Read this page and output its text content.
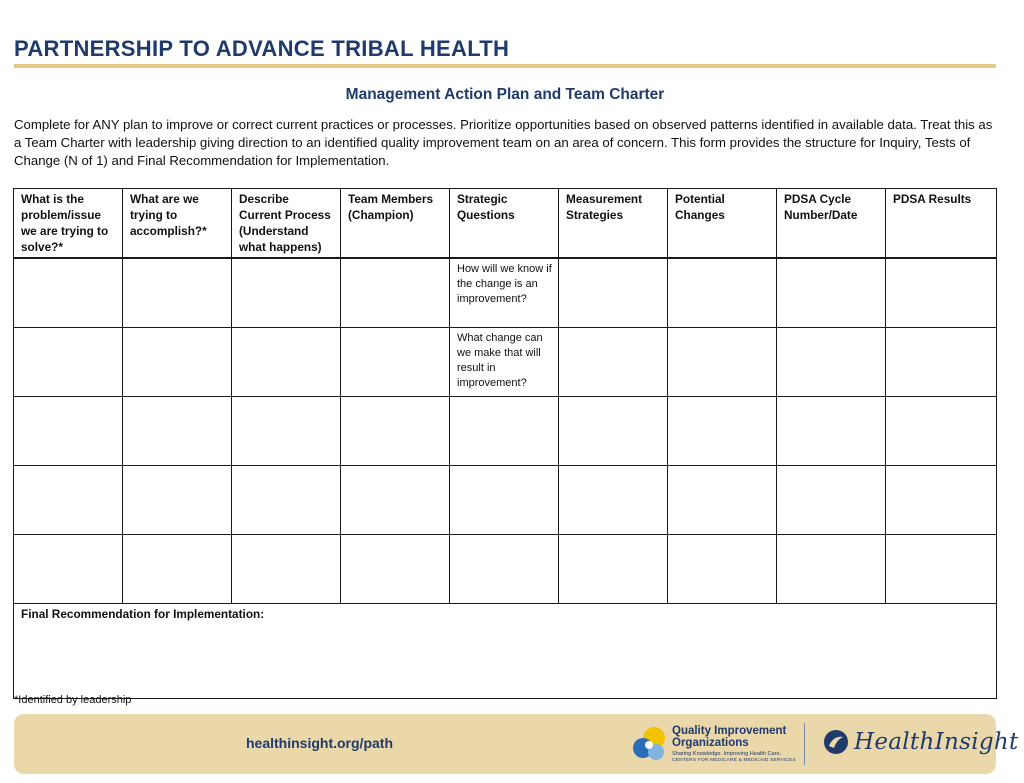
PARTNERSHIP TO ADVANCE TRIBAL HEALTH
Management Action Plan and Team Charter
Complete for ANY plan to improve or correct current practices or processes. Prioritize opportunities based on observed patterns identified in available data. Treat this as a Team Charter with leadership giving direction to an identified quality improvement team on an area of concern. This form provides the structure for Inquiry, Tests of Change (N of 1) and Final Recommendation for Implementation.
What is the problem/issue we are trying to solve?*	What are we trying to accomplish?*	Describe Current Process (Understand what happens)	Team Members (Champion)	Strategic Questions	Measurement Strategies	Potential Changes	PDSA Cycle Number/Date	PDSA Results

				How will we know if the change is an improvement?				

				What change can we make that will result in improvement?				

Final Recommendation for Implementation:								
*Identified by leadership
healthinsight.org/path
Quality Improvement
Organizations
Sharing Knowledge. Improving Health Care.
CENTERS FOR MEDICARE & MEDICAID SERVICES
HealthInsight
